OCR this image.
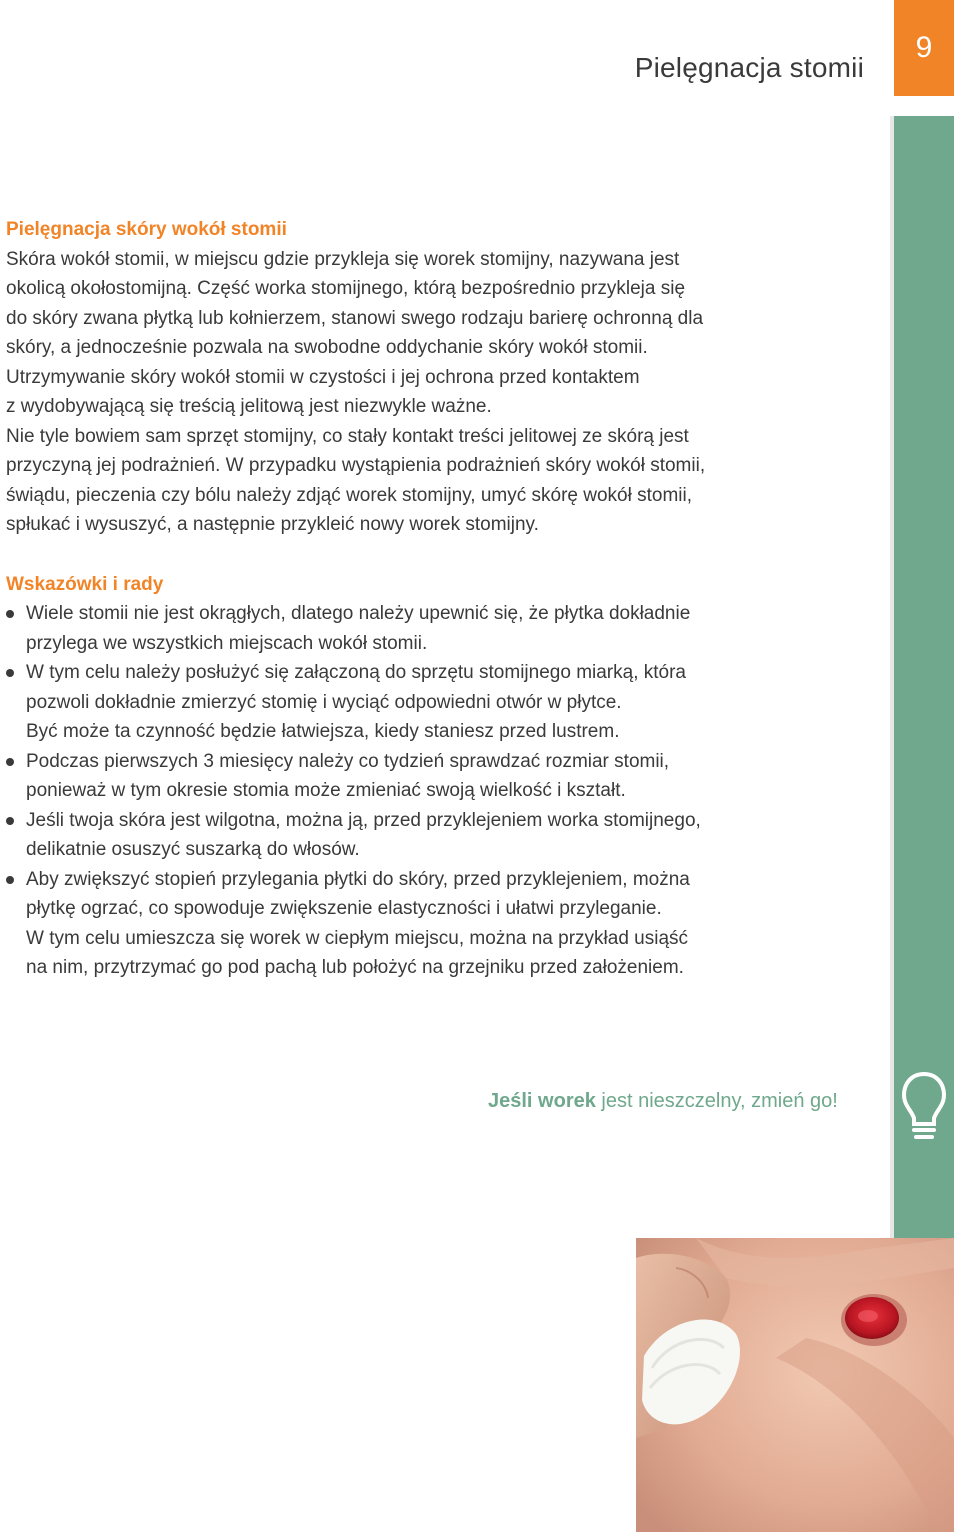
Pielęgnacja stomii
9
Pielęgnacja skóry wokół stomii

Skóra wokół stomii, w miejscu gdzie przykleja się worek stomijny, nazywana jest
okolicą okołostomijną. Część worka stomijnego, którą bezpośrednio przykleja się
do skóry zwana płytką lub kołnierzem, stanowi swego rodzaju barierę ochronną dla
skóry, a jednocześnie pozwala na swobodne oddychanie skóry wokół stomii.
Utrzymywanie skóry wokół stomii w czystości i jej ochrona przed kontaktem
z wydobywającą się treścią jelitową jest niezwykle ważne.
Nie tyle bowiem sam sprzęt stomijny, co stały kontakt treści jelitowej ze skórą jest
przyczyną jej podrażnień. W przypadku wystąpienia podrażnień skóry wokół stomii,
świądu, pieczenia czy bólu należy zdjąć worek stomijny, umyć skórę wokół stomii,
spłukać i wysuszyć, a następnie przykleić nowy worek stomijny.

Wskazówki i rady
Wiele stomii nie jest okrągłych, dlatego należy upewnić się, że płytka dokładnie
przylega we wszystkich miejscach wokół stomii.
W tym celu należy posłużyć się załączoną do sprzętu stomijnego miarką, która
pozwoli dokładnie zmierzyć stomię i wyciąć odpowiedni otwór w płytce.
Być może ta czynność będzie łatwiejsza, kiedy staniesz przed lustrem.
Podczas pierwszych 3 miesięcy należy co tydzień sprawdzać rozmiar stomii,
ponieważ w tym okresie stomia może zmieniać swoją wielkość i kształt.
Jeśli twoja skóra jest wilgotna, można ją, przed przyklejeniem worka stomijnego,
delikatnie osuszyć suszarką do włosów.
Aby zwiększyć stopień przylegania płytki do skóry, przed przyklejeniem, można
płytkę ogrzać, co spowoduje zwiększenie elastyczności i ułatwi przyleganie.
W tym celu umieszcza się worek w ciepłym miejscu, można na przykład usiąść
na nim, przytrzymać go pod pachą lub położyć na grzejniku przed założeniem.
Jeśli worek jest nieszczelny, zmień go!
